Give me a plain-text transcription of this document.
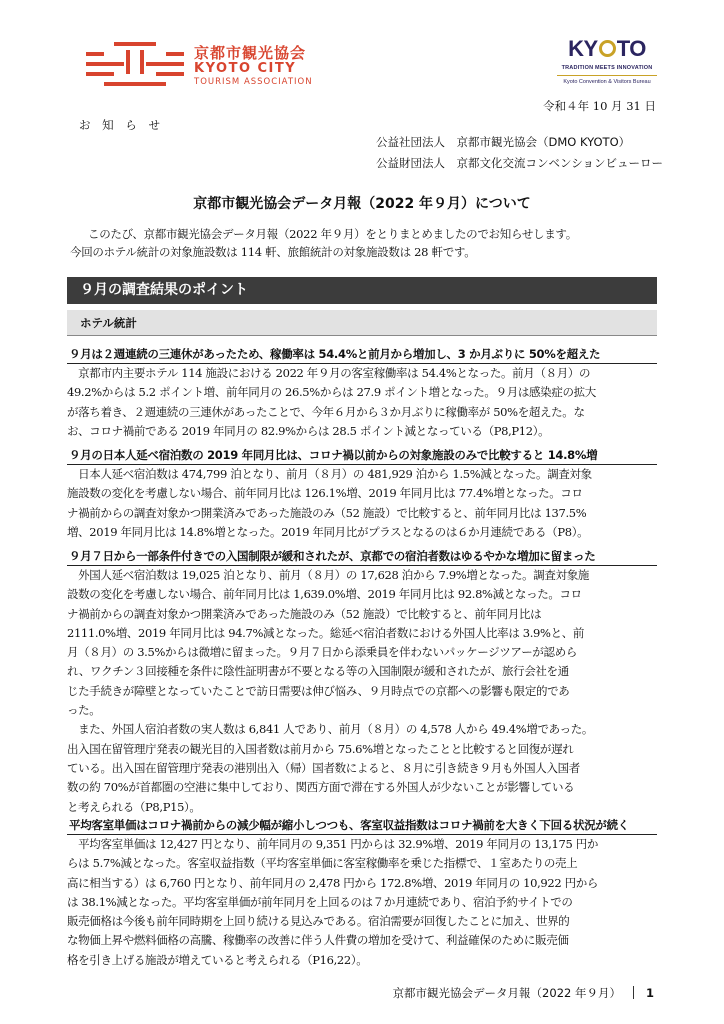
京都市観光協会
KYOTO CITY
TOURISM ASSOCIATION
KY TO
TRADITION MEETS INNOVATION
Kyoto Convention & Visitors Bureau
令和４年 10 月 31 日
お 知 ら せ
公益社団法人　京都市観光協会（DMO KYOTO）
公益財団法人　京都文化交流コンベンションビューロー
京都市観光協会データ月報（2022 年９月）について
このたび、京都市観光協会データ月報（2022 年９月）をとりまとめましたのでお知らせします。
今回のホテル統計の対象施設数は 114 軒、旅館統計の対象施設数は 28 軒です。
９月の調査結果のポイント
ホテル統計
９月は２週連続の三連休があったため、稼働率は 54.4%と前月から増加し、3 か月ぶりに 50%を超えた
　京都市内主要ホテル 114 施設における 2022 年９月の客室稼働率は 54.4%となった。前月（８月）の
49.2%からは 5.2 ポイント増、前年同月の 26.5%からは 27.9 ポイント増となった。９月は感染症の拡大
が落ち着き、２週連続の三連休があったことで、今年６月から３か月ぶりに稼働率が 50%を超えた。な
お、コロナ禍前である 2019 年同月の 82.9%からは 28.5 ポイント減となっている（P8,P12）。
９月の日本人延べ宿泊数の 2019 年同月比は、コロナ禍以前からの対象施設のみで比較すると 14.8%増
　日本人延べ宿泊数は 474,799 泊となり、前月（８月）の 481,929 泊から 1.5%減となった。調査対象
施設数の変化を考慮しない場合、前年同月比は 126.1%増、2019 年同月比は 77.4%増となった。コロ
ナ禍前からの調査対象かつ開業済みであった施設のみ（52 施設）で比較すると、前年同月比は 137.5%
増、2019 年同月比は 14.8%増となった。2019 年同月比がプラスとなるのは６か月連続である（P8）。
９月７日から一部条件付きでの入国制限が緩和されたが、京都での宿泊者数はゆるやかな増加に留まった
　外国人延べ宿泊数は 19,025 泊となり、前月（８月）の 17,628 泊から 7.9%増となった。調査対象施
設数の変化を考慮しない場合、前年同月比は 1,639.0%増、2019 年同月比は 92.8%減となった。コロ
ナ禍前からの調査対象かつ開業済みであった施設のみ（52 施設）で比較すると、前年同月比は
2111.0%増、2019 年同月比は 94.7%減となった。総延べ宿泊者数における外国人比率は 3.9%と、前
月（８月）の 3.5%からは微増に留まった。９月７日から添乗員を伴わないパッケージツアーが認めら
れ、ワクチン３回接種を条件に陰性証明書が不要となる等の入国制限が緩和されたが、旅行会社を通
じた手続きが障壁となっていたことで訪日需要は伸び悩み、９月時点での京都への影響も限定的であ
った。
　また、外国人宿泊者数の実人数は 6,841 人であり、前月（８月）の 4,578 人から 49.4%増であった。
出入国在留管理庁発表の観光目的入国者数は前月から 75.6%増となったことと比較すると回復が遅れ
ている。出入国在留管理庁発表の港別出入（帰）国者数によると、８月に引き続き９月も外国人入国者
数の約 70%が首都圏の空港に集中しており、関西方面で滞在する外国人が少ないことが影響している
と考えられる（P8,P15）。
平均客室単価はコロナ禍前からの減少幅が縮小しつつも、客室収益指数はコロナ禍前を大きく下回る状況が続く
　平均客室単価は 12,427 円となり、前年同月の 9,351 円からは 32.9%増、2019 年同月の 13,175 円か
らは 5.7%減となった。客室収益指数（平均客室単価に客室稼働率を乗じた指標で、１室あたりの売上
高に相当する）は 6,760 円となり、前年同月の 2,478 円から 172.8%増、2019 年同月の 10,922 円から
は 38.1%減となった。平均客室単価が前年同月を上回るのは７か月連続であり、宿泊予約サイトでの
販売価格は今後も前年同時期を上回り続ける見込みである。宿泊需要が回復したことに加え、世界的
な物価上昇や燃料価格の高騰、稼働率の改善に伴う人件費の増加を受けて、利益確保のために販売価
格を引き上げる施設が増えていると考えられる（P16,22）。
京都市観光協会データ月報（2022 年９月） 1
